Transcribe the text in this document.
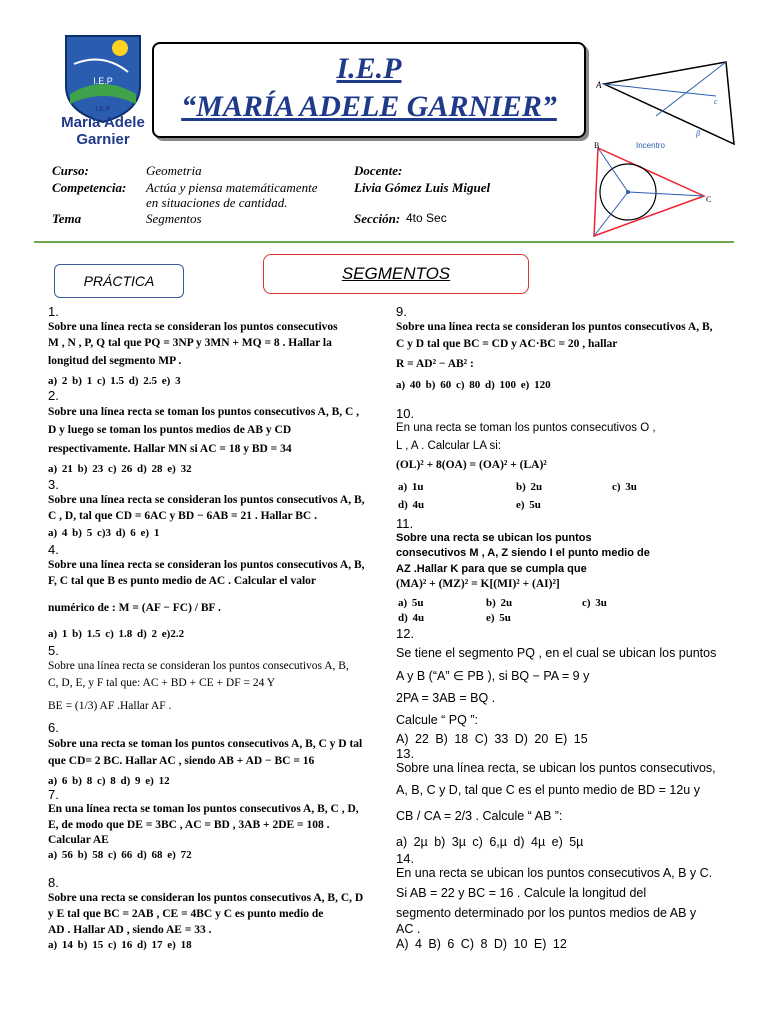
I.E.P
I.E.P
María Adele
Garnier
I.E.P
“MARÍA ADELE GARNIER”
A
c
β
Incentro
B
C
Curso:	Geometria
Competencia: Actúa y piensa matemáticamente
en situaciones de cantidad.
Tema	Segmentos
Docente:
Livia Gómez Luis Miguel
Sección: 4to Sec
PRÁCTICA	SEGMENTOS
1.
Sobre una línea recta se consideran los puntos consecutivos
M , N , P, Q tal que PQ = 3NP y 3MN + MQ = 8 . Hallar la
longitud del segmento MP .
a) 2 b) 1 c) 1.5 d) 2.5 e) 3
2.
Sobre una línea recta se toman los puntos consecutivos A, B, C ,
D y luego se toman los puntos medios de AB y CD
respectivamente. Hallar MN si AC = 18 y BD = 34
a) 21 b) 23 c) 26 d) 28 e) 32
3.
Sobre una línea recta se consideran los puntos consecutivos A, B,
C , D, tal que CD = 6AC y BD − 6AB = 21 . Hallar BC .
a) 4 b) 5 c)3 d) 6 e) 1
4.
Sobre una línea recta se consideran los puntos consecutivos A, B,
F, C tal que B es punto medio de AC . Calcular el valor
numérico de : M = (AF − FC) / BF .
a) 1 b) 1.5 c) 1.8 d) 2 e)2.2
5.
Sobre una línea recta se consideran los puntos consecutivos A, B,
C, D, E, y F tal que: AC + BD + CE + DF = 24 Y
BE = (1/3) AF .Hallar AF .
6.
Sobre una recta se toman los puntos consecutivos A, B, C y D tal
que CD= 2 BC. Hallar AC , siendo AB + AD − BC = 16
a) 6 b) 8 c) 8 d) 9 e) 12
7.
En una línea recta se toman los puntos consecutivos A, B, C , D,
E, de modo que DE = 3BC , AC = BD , 3AB + 2DE = 108 .
Calcular AE
a) 56 b) 58 c) 66 d) 68 e) 72
8.
Sobre una recta se consideran los puntos consecutivos A, B, C, D
y E tal que BC = 2AB , CE = 4BC y C es punto medio de
AD . Hallar AD , siendo AE = 33 .
a) 14 b) 15 c) 16 d) 17 e) 18
9.
Sobre una línea recta se consideran los puntos consecutivos A, B,
C y D tal que BC = CD y AC·BC = 20 , hallar
R = AD² − AB² :
a) 40 b) 60 c) 80 d) 100 e) 120
10.
En una recta se toman los puntos consecutivos O ,
L , A . Calcular LA si:
(OL)² + 8(OA) = (OA)² + (LA)²
a) 1u	b) 2u	c) 3u
d) 4u	e) 5u
11.
Sobre una recta se ubican los puntos
consecutivos M , A, Z siendo I el punto medio de
AZ .Hallar K para que se cumpla que
(MA)² + (MZ)² = K[(MI)² + (AI)²]
a) 5u	b) 2u	c) 3u
d) 4u	e) 5u
12.
Se tiene el segmento PQ , en el cual se ubican los puntos
A y B (“A” ∈ PB ), si BQ − PA = 9 y
2PA = 3AB = BQ .
Calcule “ PQ ”:
A) 22 B) 18 C) 33 D) 20 E) 15
13.
Sobre una línea recta, se ubican los puntos consecutivos,
A, B, C y D, tal que C es el punto medio de BD = 12u y
CB / CA = 2/3 . Calcule “ AB ”:
a) 2µ b) 3µ c) 6,µ d) 4µ e) 5µ
14.
En una recta se ubican los puntos consecutivos A, B y C.
Si AB = 22 y BC = 16 . Calcule la longitud del
segmento determinado por los puntos medios de AB y
AC .
A) 4 B) 6 C) 8 D) 10 E) 12
